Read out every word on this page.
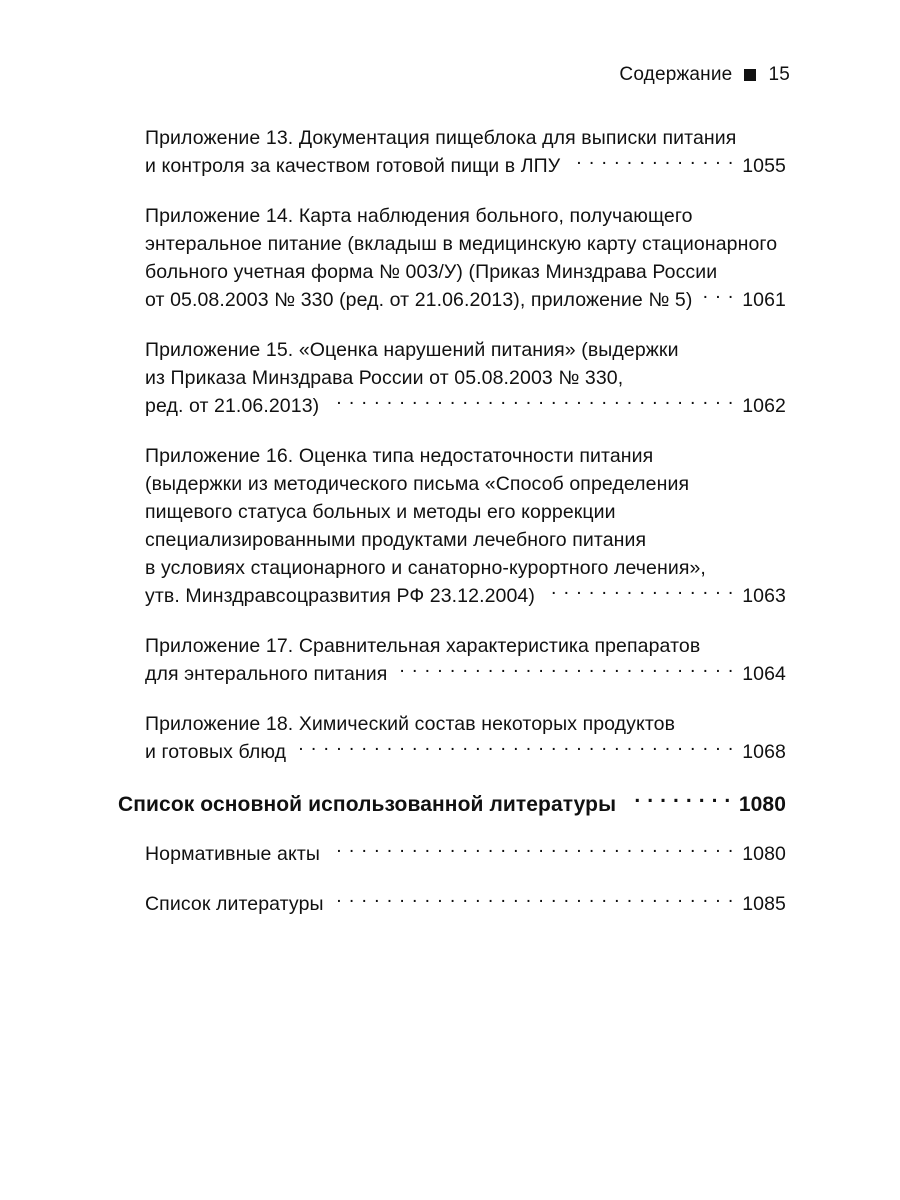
Содержание 15
Приложение 13. Документация пищеблока для выписки питания
и контроля за качеством готовой пищи в ЛПУ . . .	1055
Приложение 14. Карта наблюдения больного, получающего
энтеральное питание (вкладыш в медицинскую карту стационарного
больного учетная форма № 003/У) (Приказ Минздрава России
от 05.08.2003 № 330 (ред. от 21.06.2013), приложение № 5) . . .	1061
Приложение 15. «Оценка нарушений питания» (выдержки
из Приказа Минздрава России от 05.08.2003 № 330,
ред. от 21.06.2013) . . .	1062
Приложение 16. Оценка типа недостаточности питания
(выдержки из методического письма «Способ определения
пищевого статуса больных и методы его коррекции
специализированными продуктами лечебного питания
в условиях стационарного и санаторно-курортного лечения»,
утв. Минздравсоцразвития РФ 23.12.2004) . . .	1063
Приложение 17. Сравнительная характеристика препаратов
для энтерального питания . . .	1064
Приложение 18. Химический состав некоторых продуктов
и готовых блюд . . .	1068
Список основной использованной литературы . . .	1080
Нормативные акты . . .	1080
Список литературы . . .	1085
